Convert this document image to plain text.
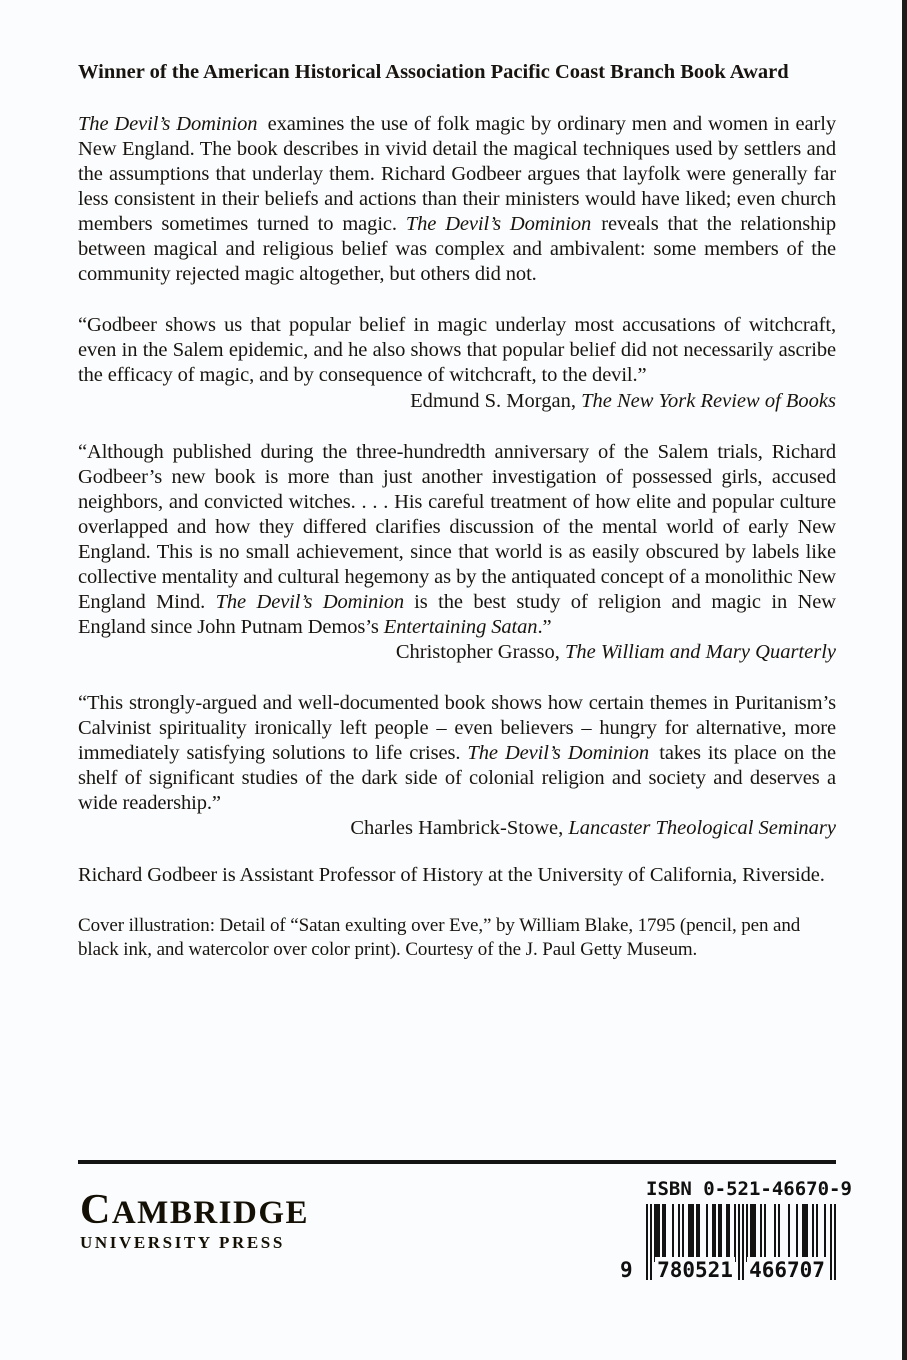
Winner of the American Historical Association Pacific Coast Branch Book Award

The Devil’s Dominion examines the use of folk magic by ordinary men and women in early New England. The book describes in vivid detail the magical techniques used by settlers and the assumptions that underlay them. Richard Godbeer argues that layfolk were generally far less consistent in their beliefs and actions than their ministers would have liked; even church members sometimes turned to magic. The Devil’s Dominion reveals that the relationship between magical and religious belief was complex and ambivalent: some members of the community rejected magic altogether, but others did not.

“Godbeer shows us that popular belief in magic underlay most accusations of witchcraft, even in the Salem epidemic, and he also shows that popular belief did not necessarily ascribe the efficacy of magic, and by consequence of witchcraft, to the devil.”

Edmund S. Morgan, The New York Review of Books

“Although published during the three-hundredth anniversary of the Salem trials, Richard Godbeer’s new book is more than just another investigation of possessed girls, accused neighbors, and convicted witches. . . . His careful treatment of how elite and popular culture overlapped and how they differed clarifies discussion of the mental world of early New England. This is no small achievement, since that world is as easily obscured by labels like collective mentality and cultural hegemony as by the antiquated concept of a monolithic New England Mind. The Devil’s Dominion is the best study of religion and magic in New England since John Putnam Demos’s Entertaining Satan.”

Christopher Grasso, The William and Mary Quarterly

“This strongly-argued and well-documented book shows how certain themes in Puritanism’s Calvinist spirituality ironically left people – even believers – hungry for alternative, more immediately satisfying solutions to life crises. The Devil’s Dominion takes its place on the shelf of significant studies of the dark side of colonial religion and society and deserves a wide readership.”

Charles Hambrick-Stowe, Lancaster Theological Seminary

Richard Godbeer is Assistant Professor of History at the University of California, Riverside.

Cover illustration: Detail of “Satan exulting over Eve,” by William Blake, 1795 (pencil, pen and black ink, and watercolor over color print). Courtesy of the J. Paul Getty Museum.

CAMBRIDGE
UNIVERSITY PRESS
ISBN 0-521-46670-9
9 780521 466707
